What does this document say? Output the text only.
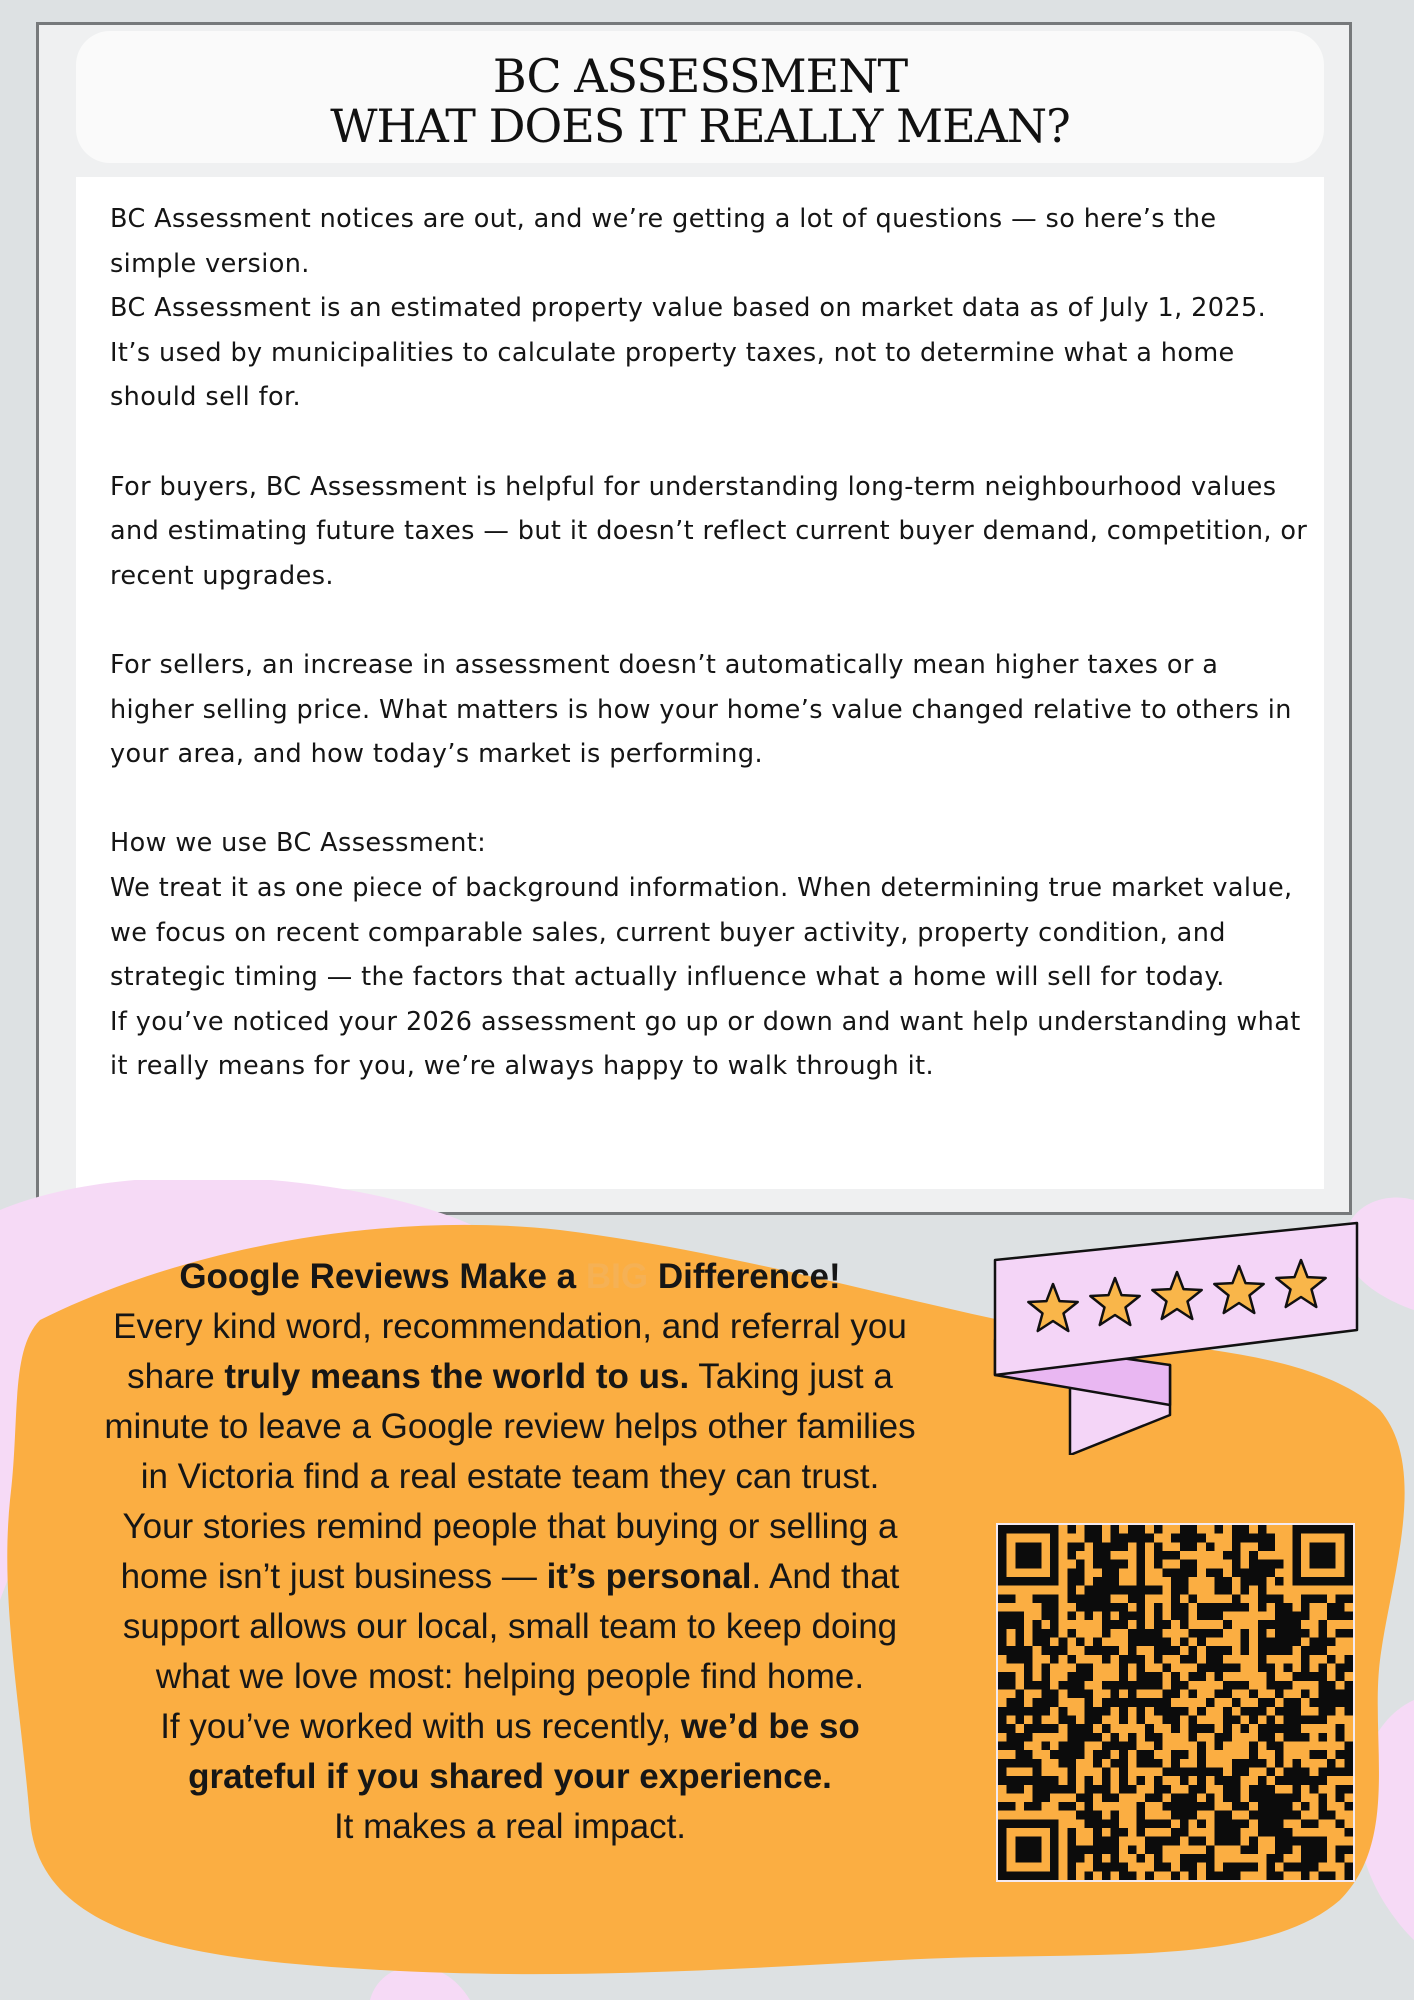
BC ASSESSMENT
WHAT DOES IT REALLY MEAN?

BC Assessment notices are out, and we’re getting a lot of questions — so here’s the simple version.

BC Assessment is an estimated property value based on market data as of July 1, 2025.

It’s used by municipalities to calculate property taxes, not to determine what a home should sell for.

For buyers, BC Assessment is helpful for understanding long-term neighbourhood values and estimating future taxes — but it doesn’t reflect current buyer demand, competition, or recent upgrades.

For sellers, an increase in assessment doesn’t automatically mean higher taxes or a higher selling price. What matters is how your home’s value changed relative to others in your area, and how today’s market is performing.

How we use BC Assessment:

We treat it as one piece of background information. When determining true market value, we focus on recent comparable sales, current buyer activity, property condition, and strategic timing — the factors that actually influence what a home will sell for today.

If you’ve noticed your 2026 assessment go up or down and want help understanding what it really means for you, we’re always happy to walk through it.

Google Reviews Make a BIG Difference!
Every kind word, recommendation, and referral you share truly means the world to us. Taking just a minute to leave a Google review helps other families in Victoria find a real estate team they can trust.
Your stories remind people that buying or selling a home isn’t just business — it’s personal. And that support allows our local, small team to keep doing what we love most: helping people find home.
If you’ve worked with us recently, we’d be so grateful if you shared your experience.
It makes a real impact.
